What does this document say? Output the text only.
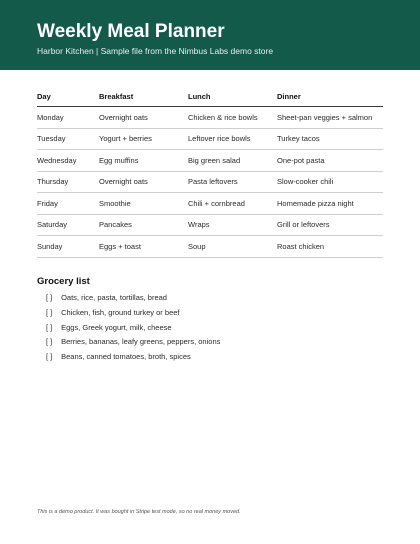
Weekly Meal Planner
Harbor Kitchen | Sample file from the Nimbus Labs demo store
Day	Breakfast	Lunch	Dinner
Monday	Overnight oats	Chicken & rice bowls	Sheet-pan veggies + salmon
Tuesday	Yogurt + berries	Leftover rice bowls	Turkey tacos
Wednesday	Egg muffins	Big green salad	One-pot pasta
Thursday	Overnight oats	Pasta leftovers	Slow-cooker chili
Friday	Smoothie	Chili + cornbread	Homemade pizza night
Saturday	Pancakes	Wraps	Grill or leftovers
Sunday	Eggs + toast	Soup	Roast chicken
Grocery list
[ ] Oats, rice, pasta, tortillas, bread
[ ] Chicken, fish, ground turkey or beef
[ ] Eggs, Greek yogurt, milk, cheese
[ ] Berries, bananas, leafy greens, peppers, onions
[ ] Beans, canned tomatoes, broth, spices
This is a demo product. It was bought in Stripe test mode, so no real money moved.
